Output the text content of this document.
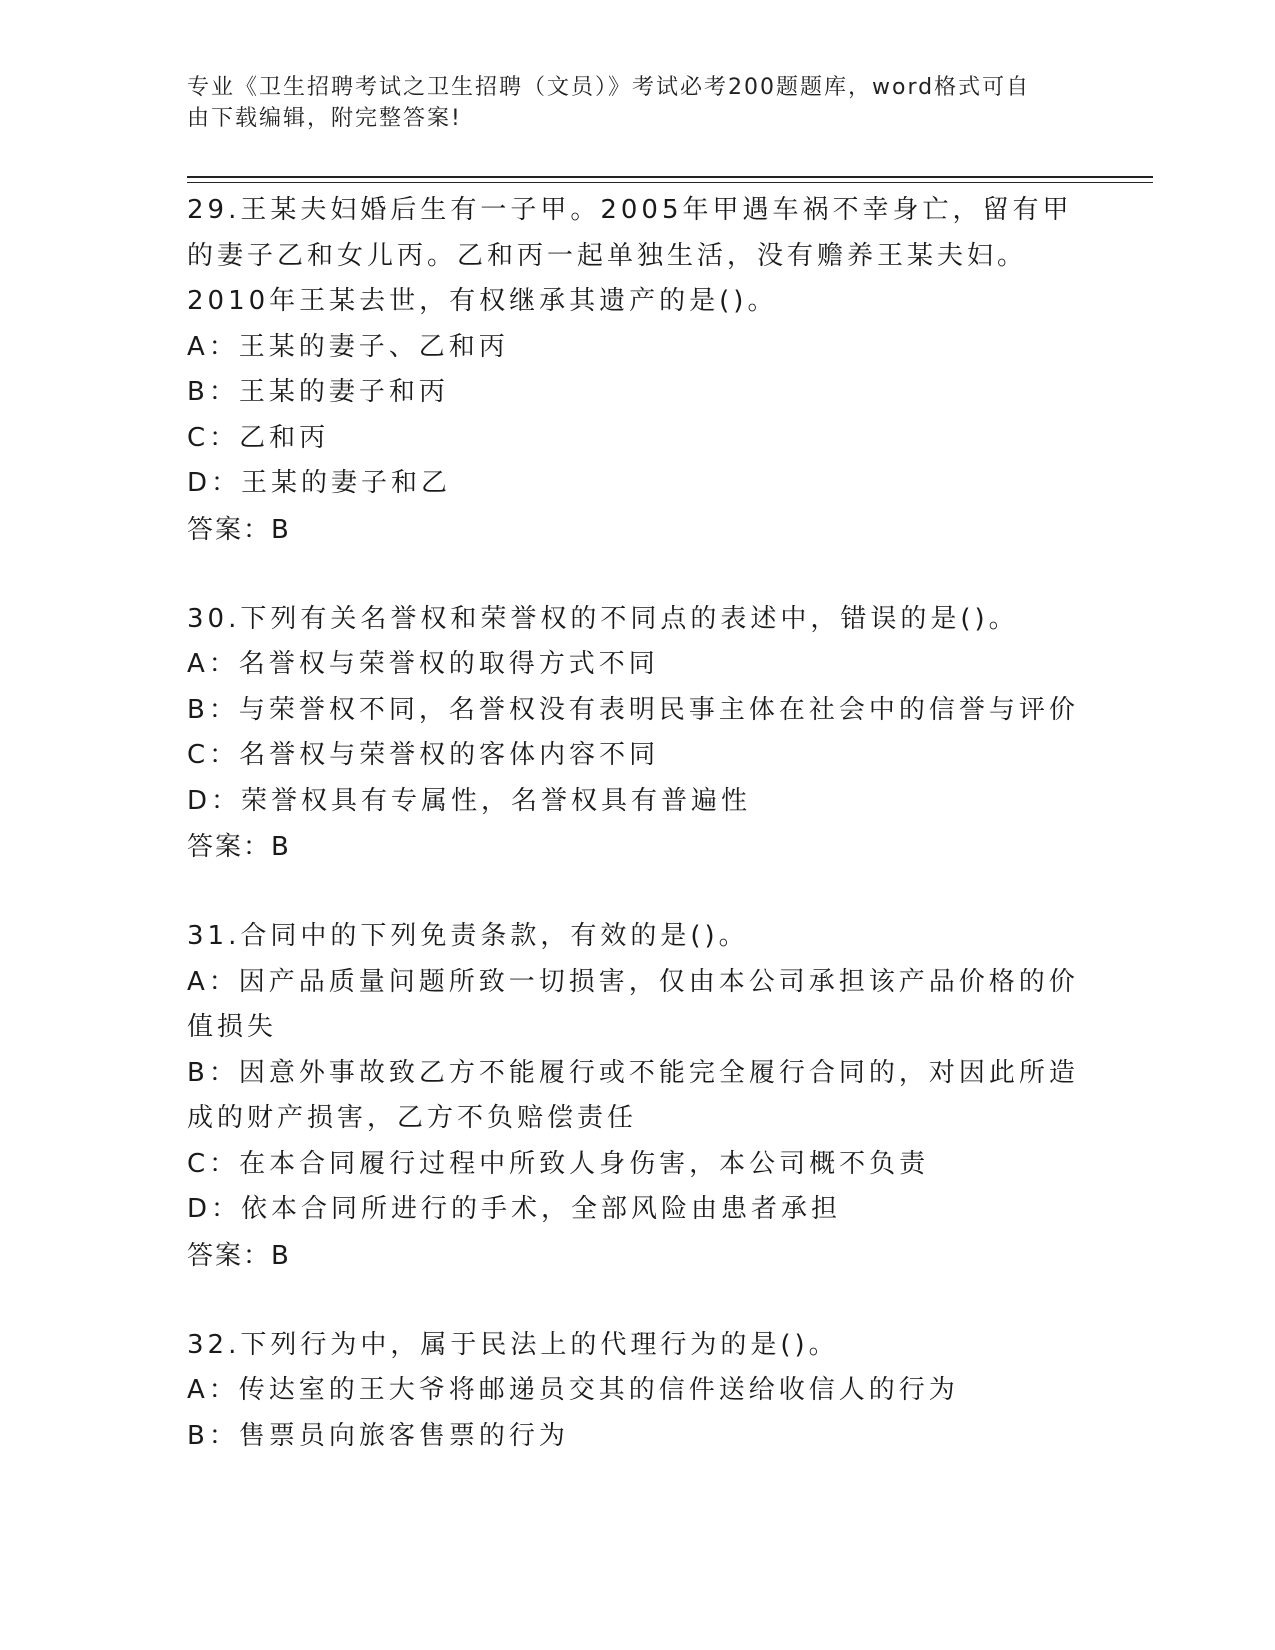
专业《卫生招聘考试之卫生招聘（文员）》考试必考200题题库，word格式可自
由下载编辑，附完整答案!
29.王某夫妇婚后生有一子甲。2005年甲遇车祸不幸身亡，留有甲的妻子乙和女儿丙。乙和丙一起单独生活，没有赡养王某夫妇。2010年王某去世，有权继承其遗产的是()。
A：王某的妻子、乙和丙
B：王某的妻子和丙
C：乙和丙
D：王某的妻子和乙
答案：B
30.下列有关名誉权和荣誉权的不同点的表述中，错误的是()。
A：名誉权与荣誉权的取得方式不同
B：与荣誉权不同，名誉权没有表明民事主体在社会中的信誉与评价
C：名誉权与荣誉权的客体内容不同
D：荣誉权具有专属性，名誉权具有普遍性
答案：B
31.合同中的下列免责条款，有效的是()。
A：因产品质量问题所致一切损害，仅由本公司承担该产品价格的价值损失
B：因意外事故致乙方不能履行或不能完全履行合同的，对因此所造成的财产损害，乙方不负赔偿责任
C：在本合同履行过程中所致人身伤害，本公司概不负责
D：依本合同所进行的手术，全部风险由患者承担
答案：B
32.下列行为中，属于民法上的代理行为的是()。
A：传达室的王大爷将邮递员交其的信件送给收信人的行为
B：售票员向旅客售票的行为
